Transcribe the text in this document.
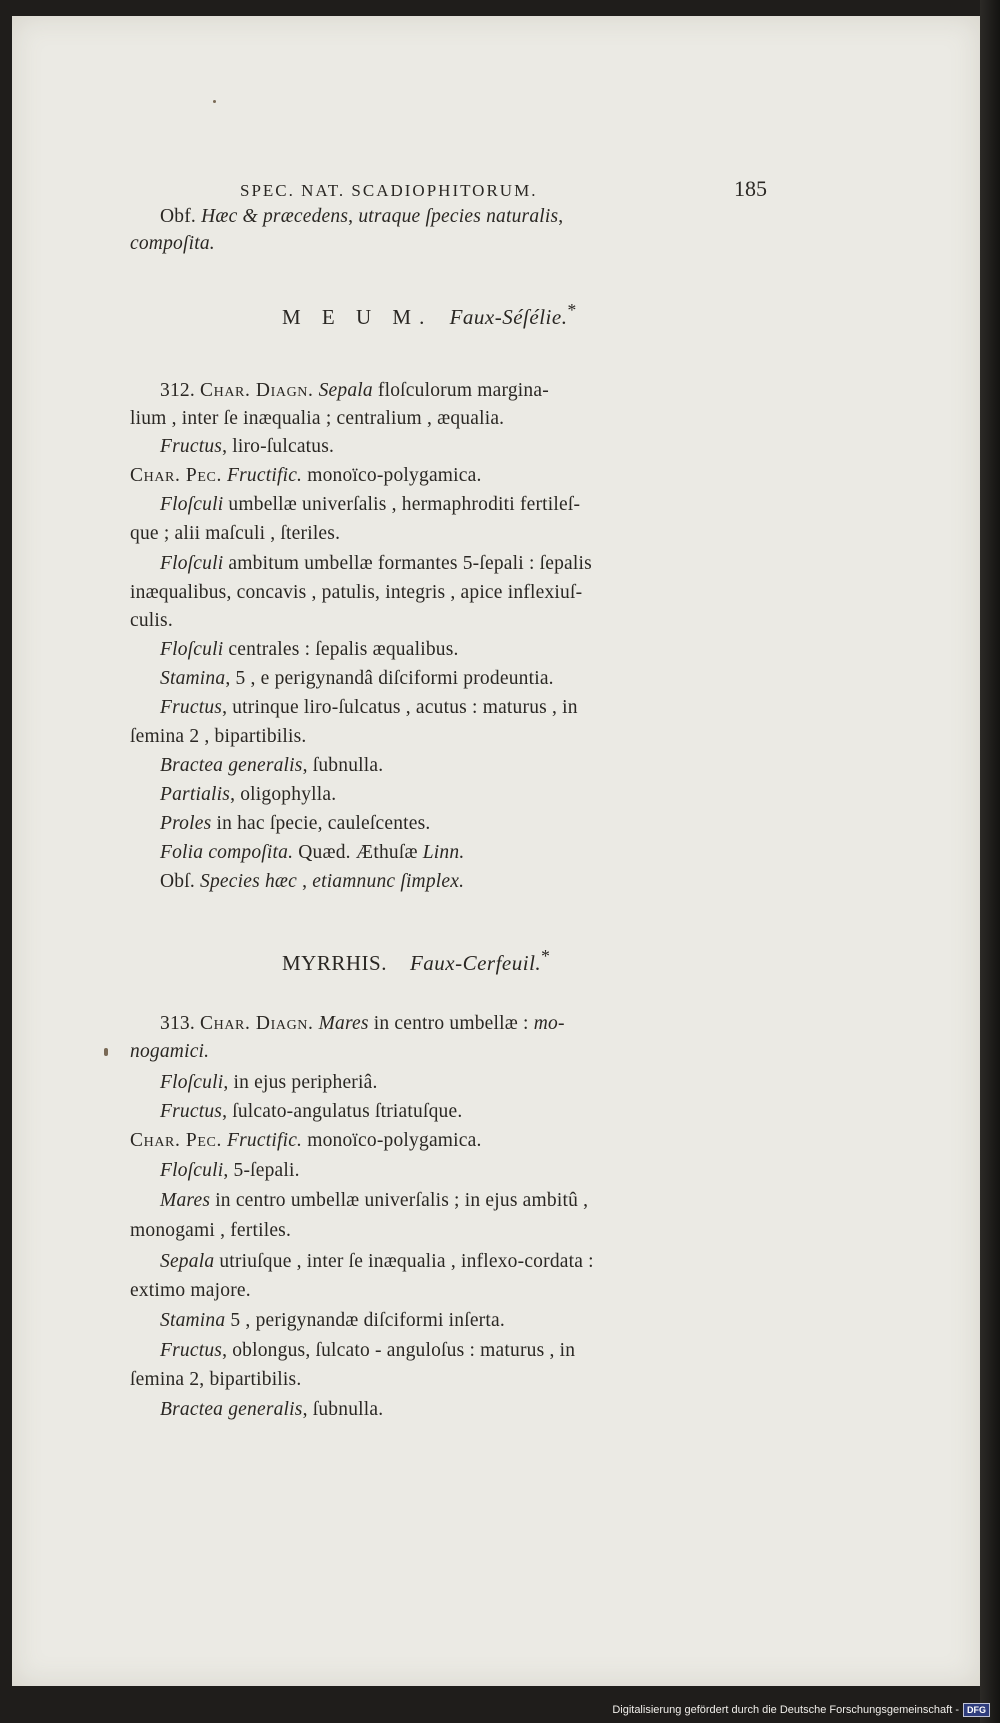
SPEC. NAT. SCADIOPHITORUM.	185
Obf. Hæc & præcedens, utraque ſpecies naturalis,
compoſita.
M E U M. Faux-Séſélie.*
312. Char. Diagn. Sepala floſculorum margina-
lium , inter ſe inæqualia ; centralium , æqualia.
Fructus, liro-ſulcatus.
Char. Pec. Fructific. monoïco-polygamica.
Floſculi umbellæ univerſalis , hermaphroditi fertileſ-
que ; alii maſculi , ſteriles.
Floſculi ambitum umbellæ formantes 5-ſepali : ſepalis
inæqualibus, concavis , patulis, integris , apice inflexiuſ-
culis.
Floſculi centrales : ſepalis æqualibus.
Stamina, 5 , e perigynandâ diſciformi prodeuntia.
Fructus, utrinque liro-ſulcatus , acutus : maturus , in
ſemina 2 , bipartibilis.
Bractea generalis, ſubnulla.
Partialis, oligophylla.
Proles in hac ſpecie, cauleſcentes.
Folia compoſita. Quæd. Æthuſæ Linn.
Obſ. Species hæc , etiamnunc ſimplex.
MYRRHIS. Faux-Cerfeuil.*
313. Char. Diagn. Mares in centro umbellæ : mo-
nogamici.
Floſculi, in ejus peripheriâ.
Fructus, ſulcato-angulatus ſtriatuſque.
Char. Pec. Fructific. monoïco-polygamica.
Floſculi, 5-ſepali.
Mares in centro umbellæ univerſalis ; in ejus ambitû ,
monogami , fertiles.
Sepala utriuſque , inter ſe inæqualia , inflexo-cordata :
extimo majore.
Stamina 5 , perigynandæ diſciformi inſerta.
Fructus, oblongus, ſulcato - anguloſus : maturus , in
ſemina 2, bipartibilis.
Bractea generalis, ſubnulla.
Digitalisierung gefördert durch die Deutsche Forschungsgemeinschaft - DFG
